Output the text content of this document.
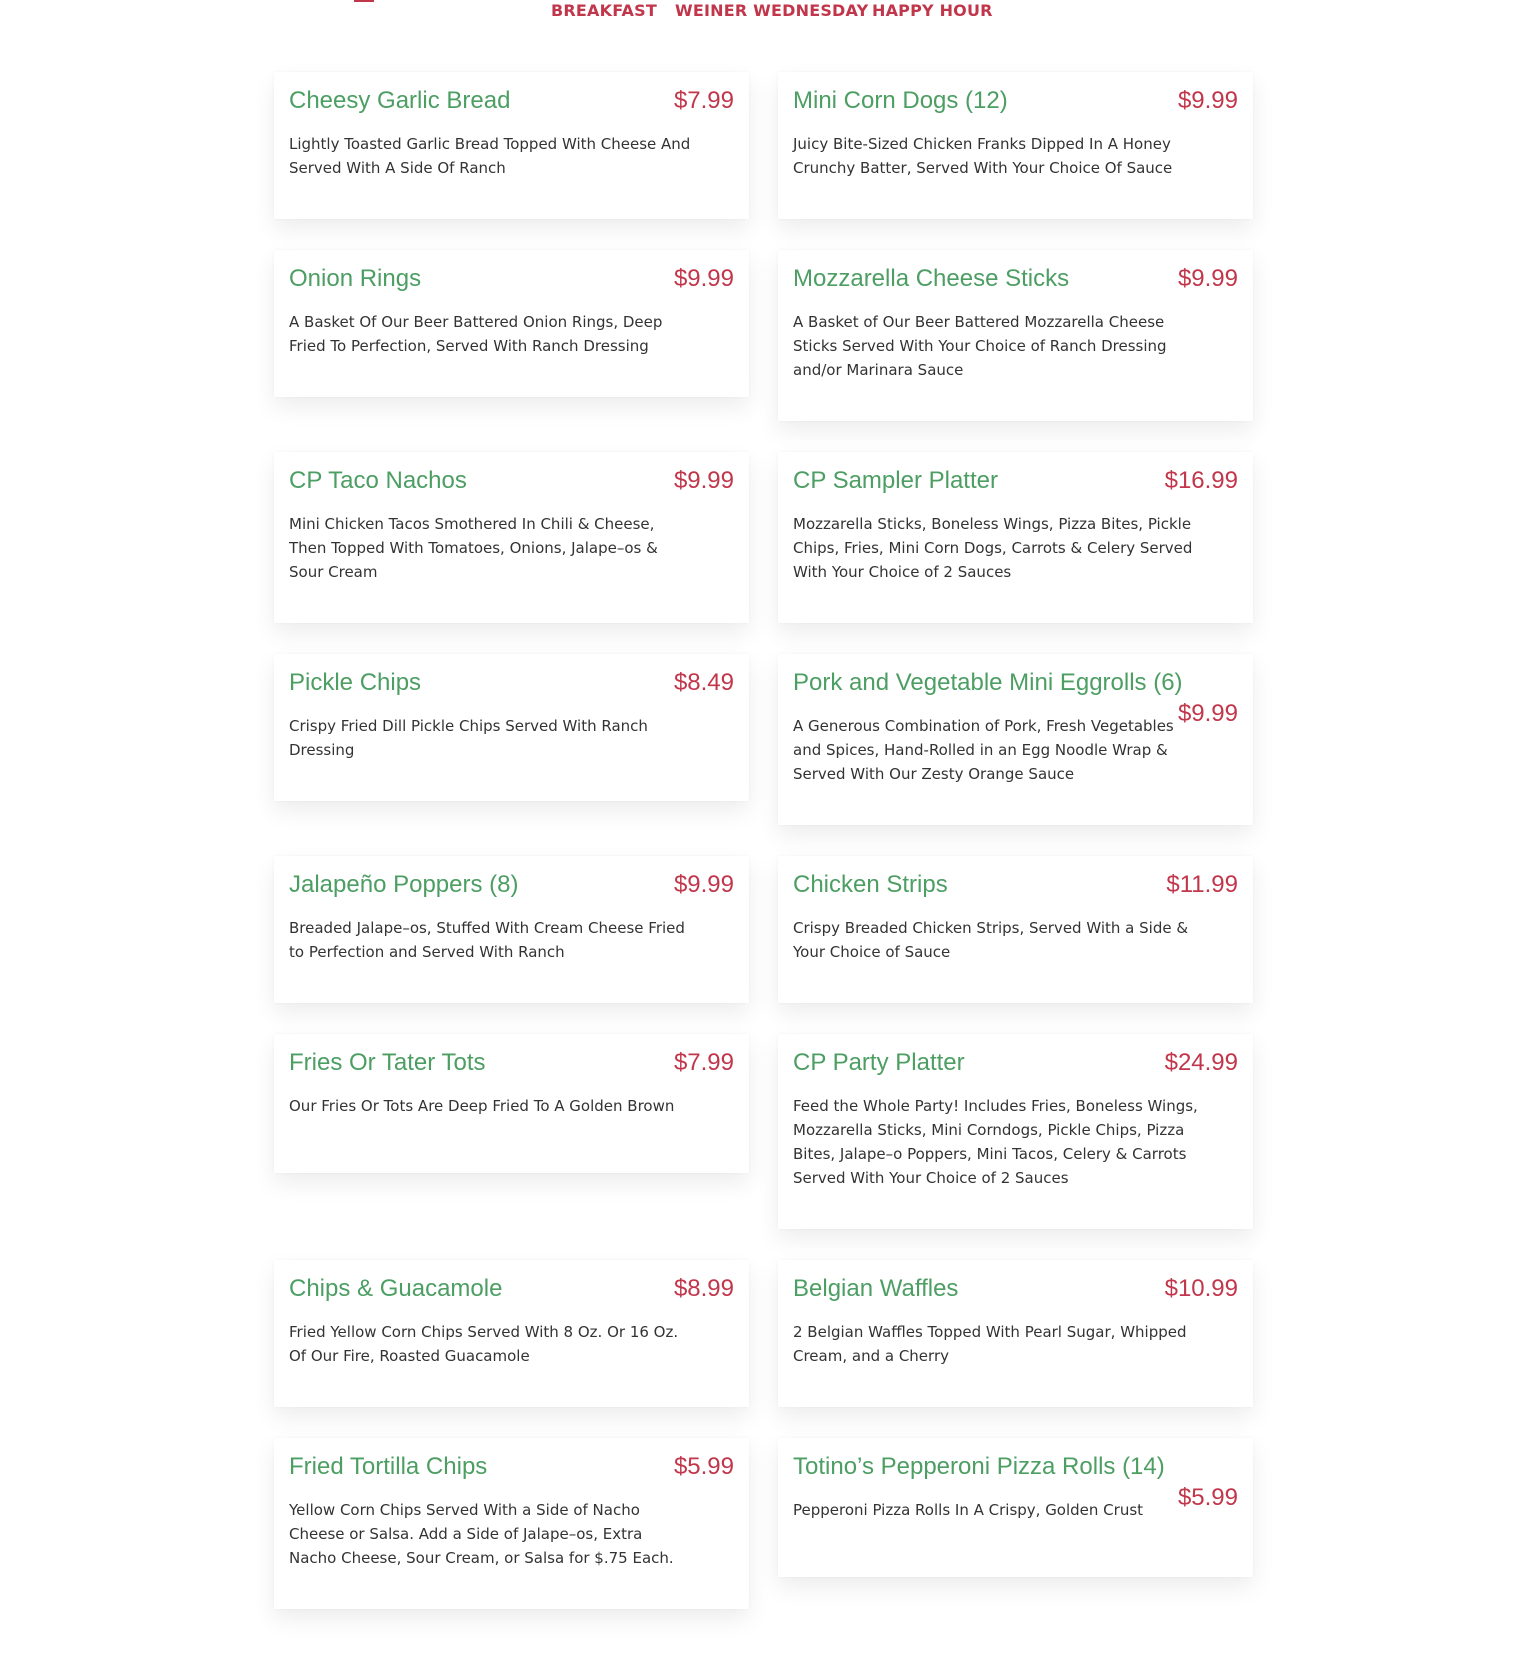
BREAKFAST WEINER WEDNESDAY HAPPY HOUR
Cheesy Garlic Bread	$7.99
Lightly Toasted Garlic Bread Topped With Cheese And Served With A Side Of Ranch
Mini Corn Dogs (12)	$9.99
Juicy Bite-Sized Chicken Franks Dipped In A Honey Crunchy Batter, Served With Your Choice Of Sauce
Onion Rings	$9.99
A Basket Of Our Beer Battered Onion Rings, Deep Fried To Perfection, Served With Ranch Dressing
Mozzarella Cheese Sticks	$9.99
A Basket of Our Beer Battered Mozzarella Cheese Sticks Served With Your Choice of Ranch Dressing and/or Marinara Sauce
CP Taco Nachos	$9.99
Mini Chicken Tacos Smothered In Chili & Cheese, Then Topped With Tomatoes, Onions, Jalape–os & Sour Cream
CP Sampler Platter	$16.99
Mozzarella Sticks, Boneless Wings, Pizza Bites, Pickle Chips, Fries, Mini Corn Dogs, Carrots & Celery Served With Your Choice of 2 Sauces
Pickle Chips	$8.49
Crispy Fried Dill Pickle Chips Served With Ranch Dressing
Pork and Vegetable Mini Eggrolls (6)
$9.99
A Generous Combination of Pork, Fresh Vegetables and Spices, Hand-Rolled in an Egg Noodle Wrap & Served With Our Zesty Orange Sauce
Jalapeño Poppers (8)	$9.99
Breaded Jalape–os, Stuffed With Cream Cheese Fried to Perfection and Served With Ranch
Chicken Strips	$11.99
Crispy Breaded Chicken Strips, Served With a Side & Your Choice of Sauce
Fries Or Tater Tots	$7.99
Our Fries Or Tots Are Deep Fried To A Golden Brown
CP Party Platter	$24.99
Feed the Whole Party! Includes Fries, Boneless Wings, Mozzarella Sticks, Mini Corndogs, Pickle Chips, Pizza Bites, Jalape–o Poppers, Mini Tacos, Celery & Carrots Served With Your Choice of 2 Sauces
Chips & Guacamole	$8.99
Fried Yellow Corn Chips Served With 8 Oz. Or 16 Oz. Of Our Fire, Roasted Guacamole
Belgian Waffles	$10.99
2 Belgian Waffles Topped With Pearl Sugar, Whipped Cream, and a Cherry
Fried Tortilla Chips	$5.99
Yellow Corn Chips Served With a Side of Nacho Cheese or Salsa. Add a Side of Jalape–os, Extra Nacho Cheese, Sour Cream, or Salsa for $.75 Each.
Totino’s Pepperoni Pizza Rolls (14)
$5.99
Pepperoni Pizza Rolls In A Crispy, Golden Crust
